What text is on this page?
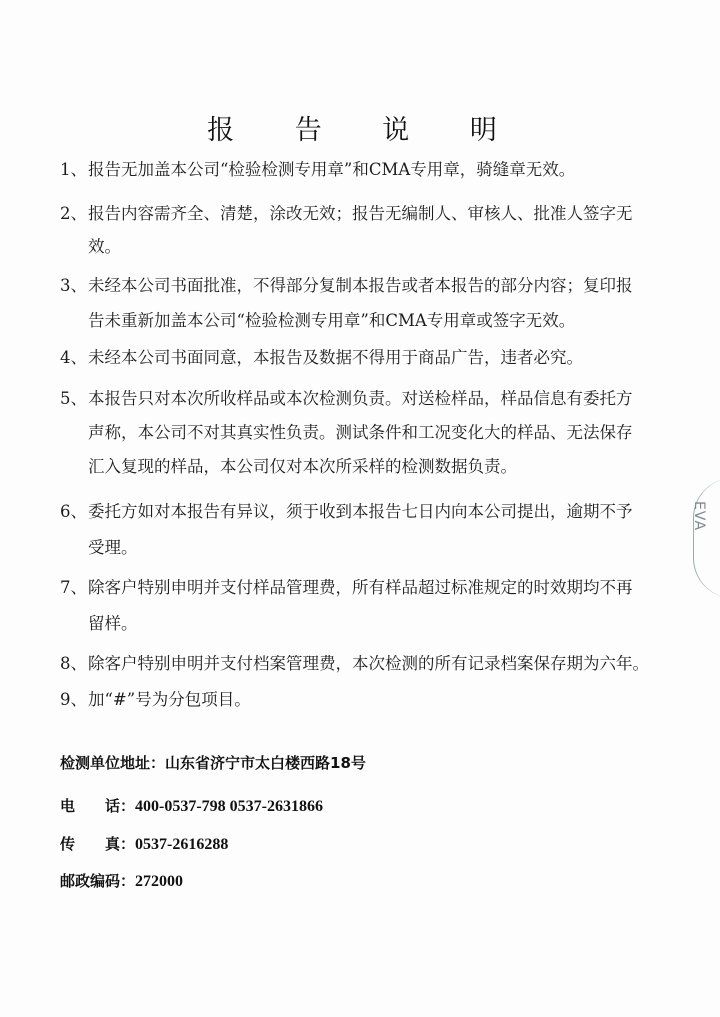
报 告 说 明
1、报告无加盖本公司“检验检测专用章”和CMA专用章，骑缝章无效。
2、报告内容需齐全、清楚，涂改无效；报告无编制人、审核人、批准人签字无
效。
3、未经本公司书面批准，不得部分复制本报告或者本报告的部分内容；复印报
告未重新加盖本公司“检验检测专用章”和CMA专用章或签字无效。
4、未经本公司书面同意，本报告及数据不得用于商品广告，违者必究。
5、本报告只对本次所收样品或本次检测负责。对送检样品，样品信息有委托方
声称，本公司不对其真实性负责。测试条件和工况变化大的样品、无法保存
汇入复现的样品，本公司仅对本次所采样的检测数据负责。
6、委托方如对本报告有异议，须于收到本报告七日内向本公司提出，逾期不予
受理。
7、除客户特别申明并支付样品管理费，所有样品超过标准规定的时效期均不再
留样。
8、除客户特别申明并支付档案管理费，本次检测的所有记录档案保存期为六年。
9、加“#”号为分包项目。
检测单位地址：山东省济宁市太白楼西路18号
电　　话：400-0537-798 0537-2631866
传　　真：0537-2616288
邮政编码：272000
EVA
